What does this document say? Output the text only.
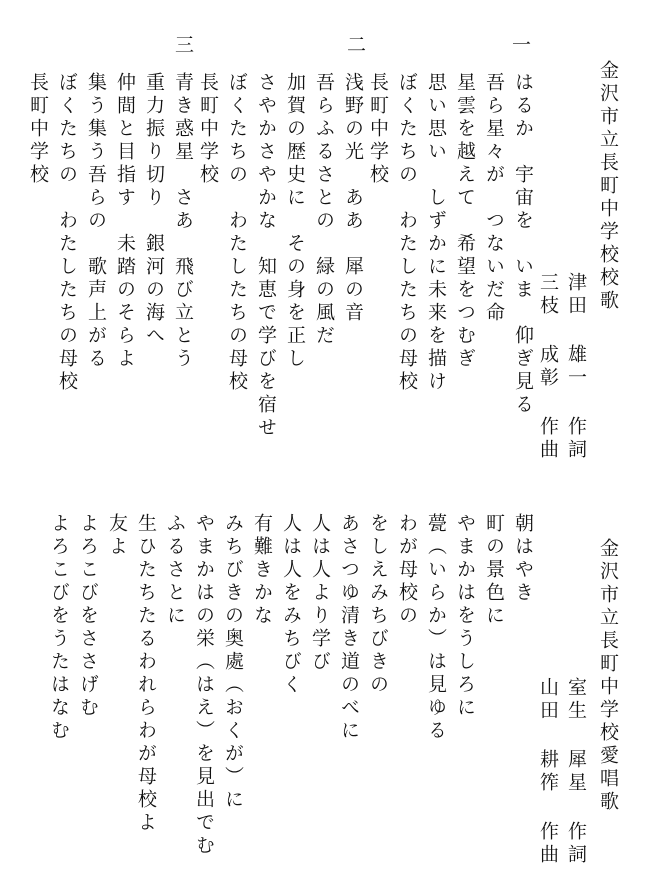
金沢市立長町中学校校歌
津田 雄一 作詞
三枝 成彰 作曲
一
はるか　宇宙を　いま　仰ぎ見る
吾ら星々が　つないだ命
星雲を越えて　希望をつむぎ
思い思い　しずかに未来を描け
ぼくたちの　わたしたちの母校
長町中学校
二
浅野の光　ああ　犀の音
吾らふるさとの　緑の風だ
加賀の歴史に　その身を正し
さやかさやかな　知恵で学びを宿せ
ぼくたちの　わたしたちの母校
長町中学校
三
青き惑星　さあ　飛び立とう
重力振り切り　銀河の海へ
仲間と目指す　未踏のそらよ
集う集う吾らの　歌声上がる
ぼくたちの　わたしたちの母校
長町中学校
金沢市立長町中学校愛唱歌
室生 犀星 作詞
山田 耕筰 作曲
朝はやき
町の景色に
やまかはをうしろに
甍（いらか）は見ゆる
わが母校の
をしえみちびきの
あさつゆ清き道のべに
人は人より学び
人は人をみちびく
有難きかな
みちびきの奥處（おくが）に
やまかはの栄（はえ）を見出でむ
ふるさとに
生ひたちたるわれらわが母校よ
友よ
よろこびをささげむ
よろこびをうたはなむ
